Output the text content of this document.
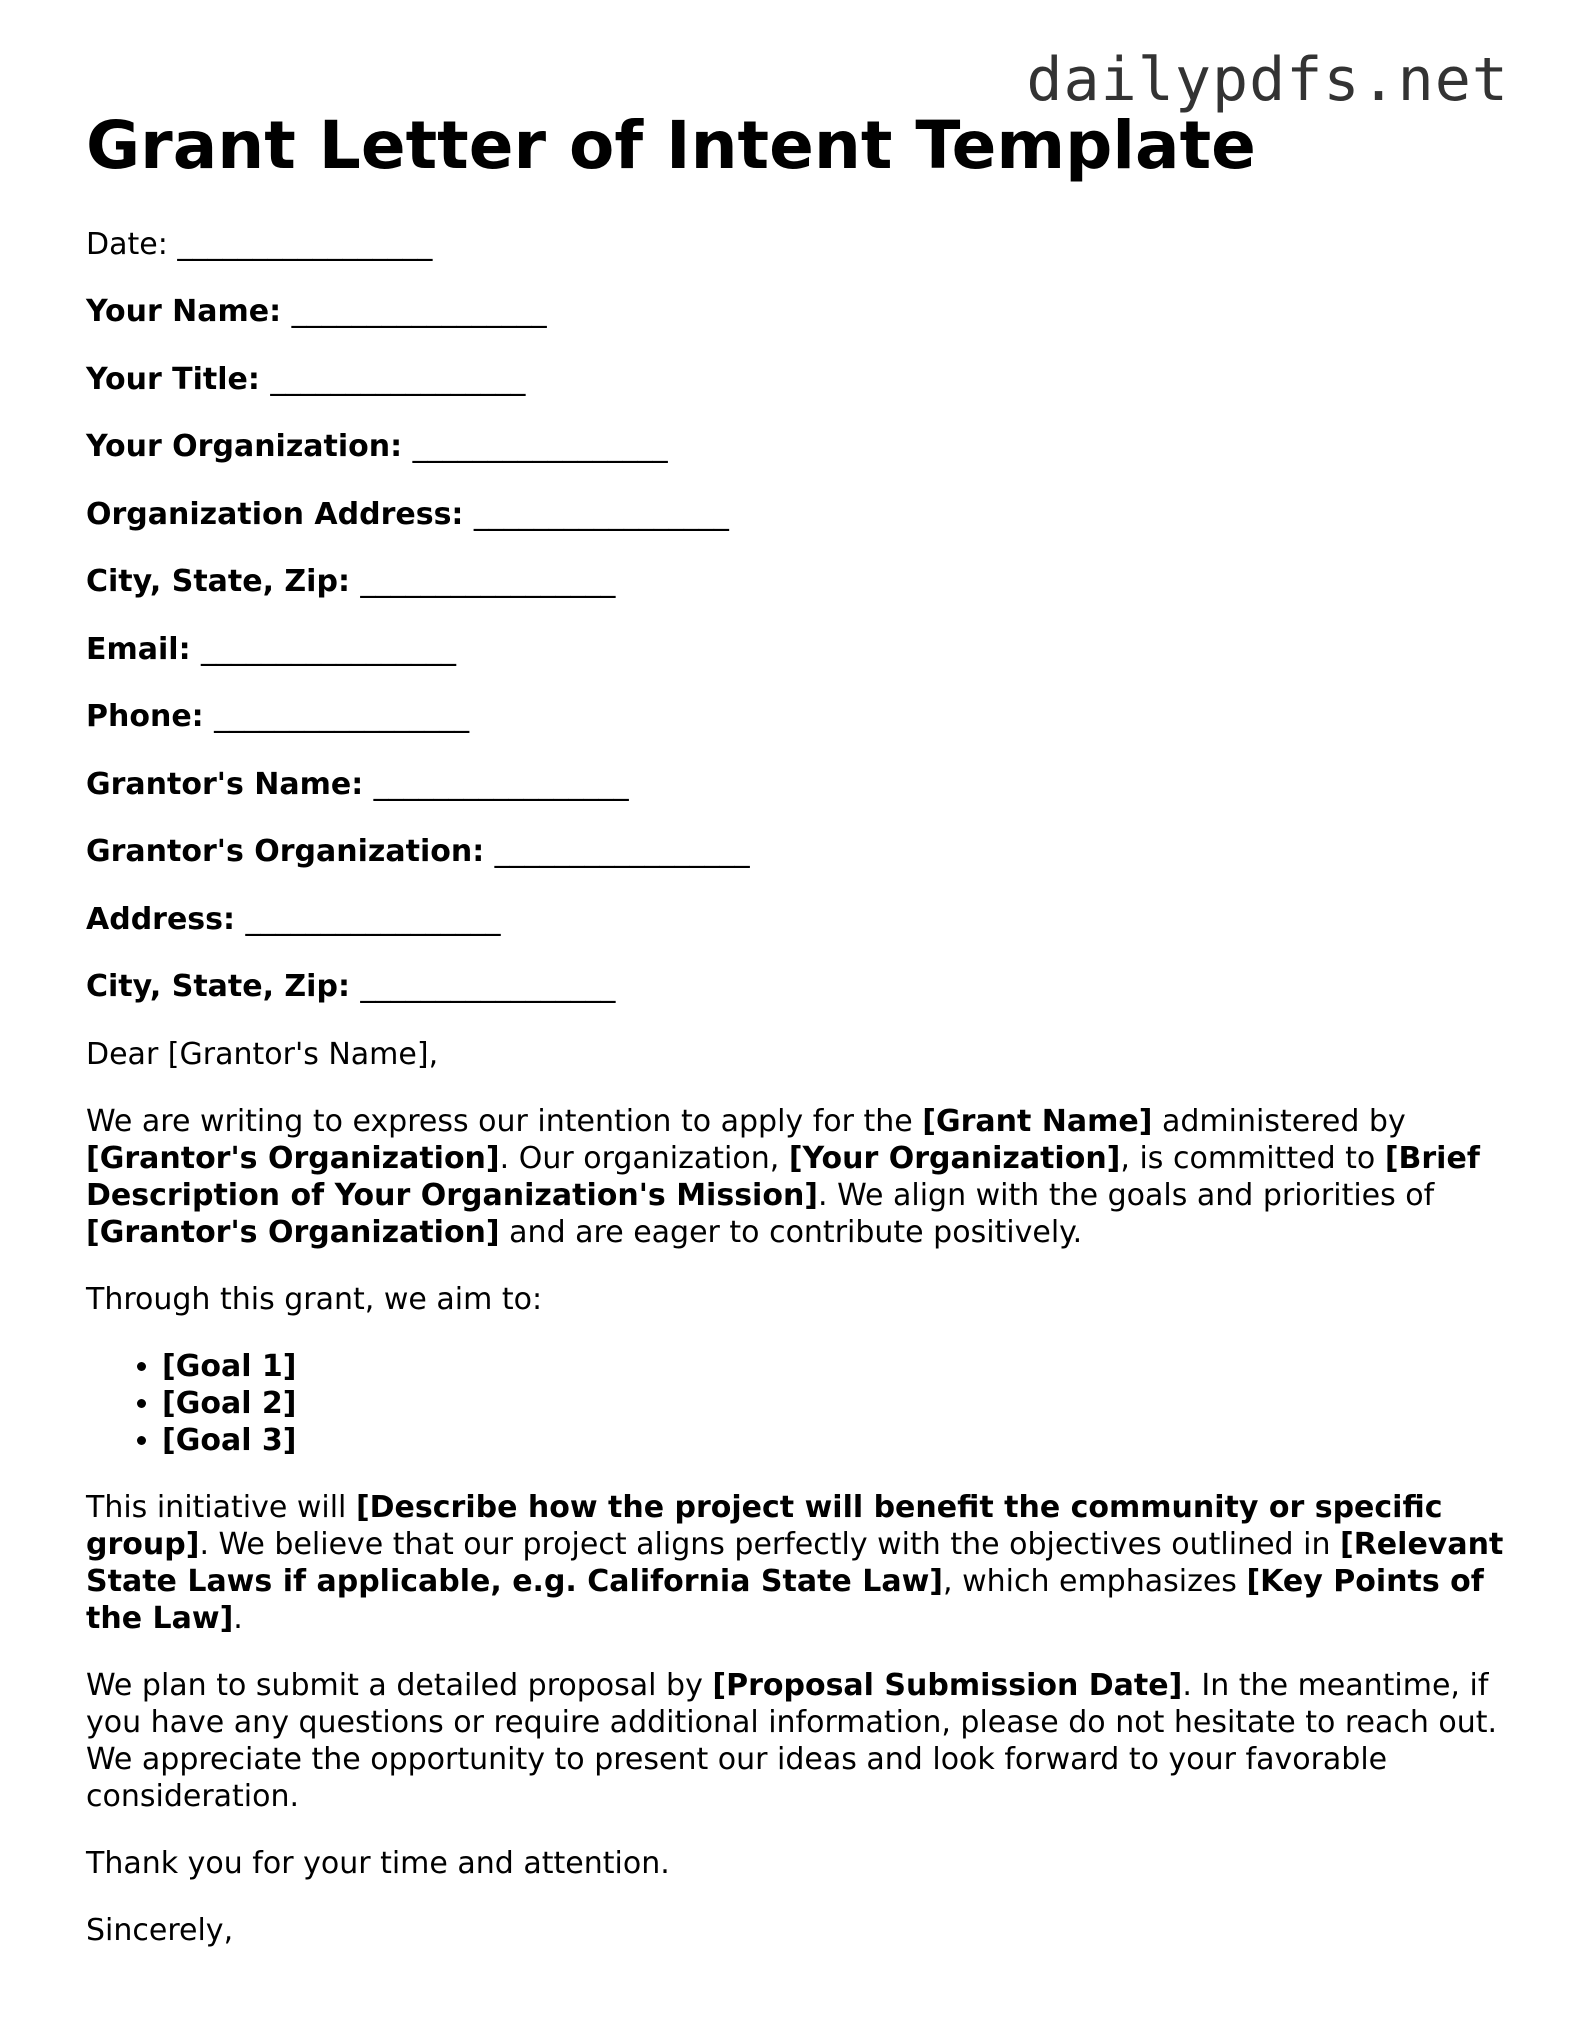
dailypdfs.net
Grant Letter of Intent Template
Date: _________________
Your Name: _________________
Your Title: _________________
Your Organization: _________________
Organization Address: _________________
City, State, Zip: _________________
Email: _________________
Phone: _________________
Grantor's Name: _________________
Grantor's Organization: _________________
Address: _________________
City, State, Zip: _________________

Dear [Grantor's Name],

We are writing to express our intention to apply for the [Grant Name] administered by [Grantor's Organization]. Our organization, [Your Organization], is committed to [Brief Description of Your Organization's Mission]. We align with the goals and priorities of [Grantor's Organization] and are eager to contribute positively.

Through this grant, we aim to:

• [Goal 1]
• [Goal 2]
• [Goal 3]

This initiative will [Describe how the project will benefit the community or specific group]. We believe that our project aligns perfectly with the objectives outlined in [Relevant State Laws if applicable, e.g. California State Law], which emphasizes [Key Points of the Law].

We plan to submit a detailed proposal by [Proposal Submission Date]. In the meantime, if you have any questions or require additional information, please do not hesitate to reach out. We appreciate the opportunity to present our ideas and look forward to your favorable consideration.

Thank you for your time and attention.

Sincerely,
